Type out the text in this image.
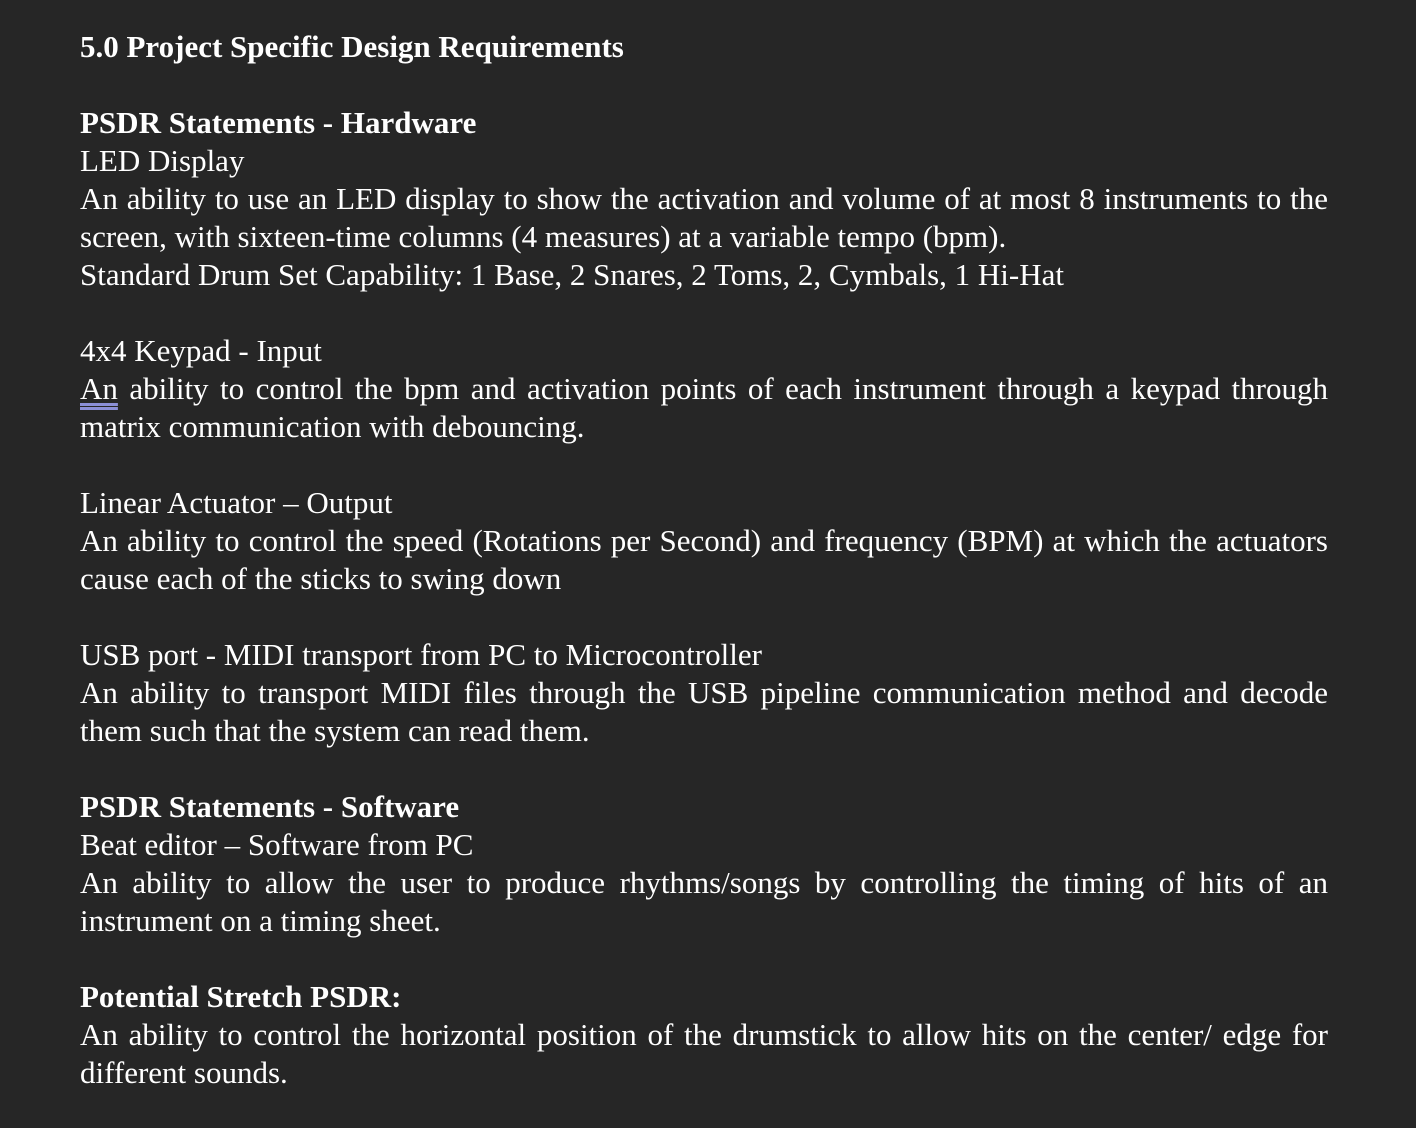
5.0 Project Specific Design Requirements

PSDR Statements - Hardware

LED Display

An ability to use an LED display to show the activation and volume of at most 8 instruments to the screen, with sixteen-time columns (4 measures) at a variable tempo (bpm).

Standard Drum Set Capability: 1 Base, 2 Snares, 2 Toms, 2, Cymbals, 1 Hi-Hat

4x4 Keypad - Input

An ability to control the bpm and activation points of each instrument through a keypad through matrix communication with debouncing.

Linear Actuator – Output

An ability to control the speed (Rotations per Second) and frequency (BPM) at which the actuators cause each of the sticks to swing down

USB port - MIDI transport from PC to Microcontroller

An ability to transport MIDI files through the USB pipeline communication method and decode them such that the system can read them.

PSDR Statements - Software

Beat editor – Software from PC

An ability to allow the user to produce rhythms/songs by controlling the timing of hits of an instrument on a timing sheet.

Potential Stretch PSDR:

An ability to control the horizontal position of the drumstick to allow hits on the center/ edge for different sounds.
